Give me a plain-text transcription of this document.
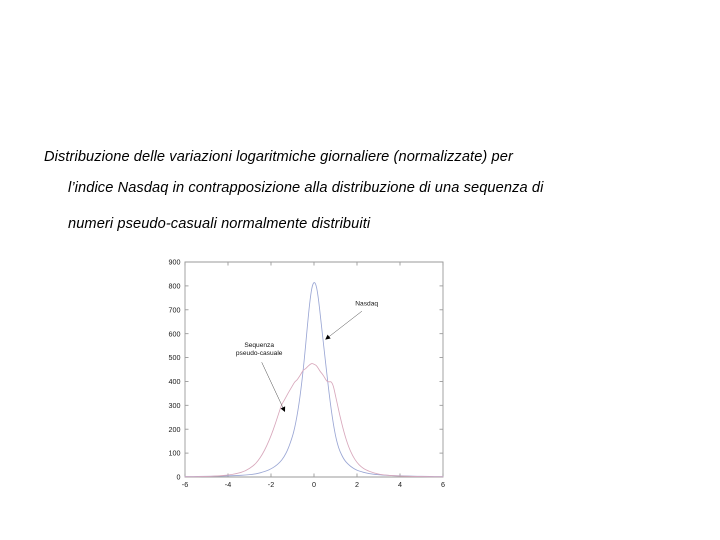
Distribuzione delle variazioni logaritmiche giornaliere (normalizzate) per
l’indice Nasdaq in contrapposizione alla distribuzione di una sequenza di
numeri pseudo-casuali normalmente distribuiti
0
100
200
300
400
500
600
700
800
900
-6	-4	-2	0	2	4	6
Sequenza
pseudo-casuale
Nasdaq
